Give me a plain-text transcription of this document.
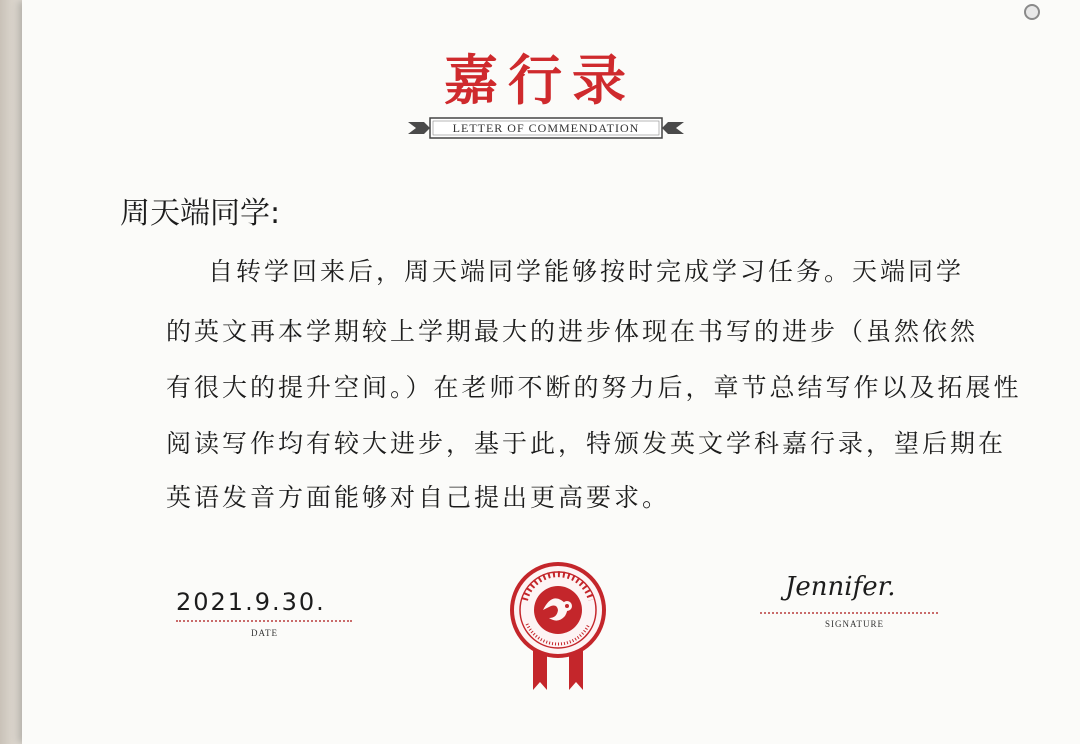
嘉行录
LETTER OF COMMENDATION
周天端同学:
自转学回来后，周天端同学能够按时完成学习任务。天端同学
的英文再本学期较上学期最大的进步体现在书写的进步（虽然依然
有很大的提升空间。）在老师不断的努力后，章节总结写作以及拓展性
阅读写作均有较大进步，基于此，特颁发英文学科嘉行录，望后期在
英语发音方面能够对自己提出更高要求。
2021.9.30.
DATE
Jennifer.
SIGNATURE
